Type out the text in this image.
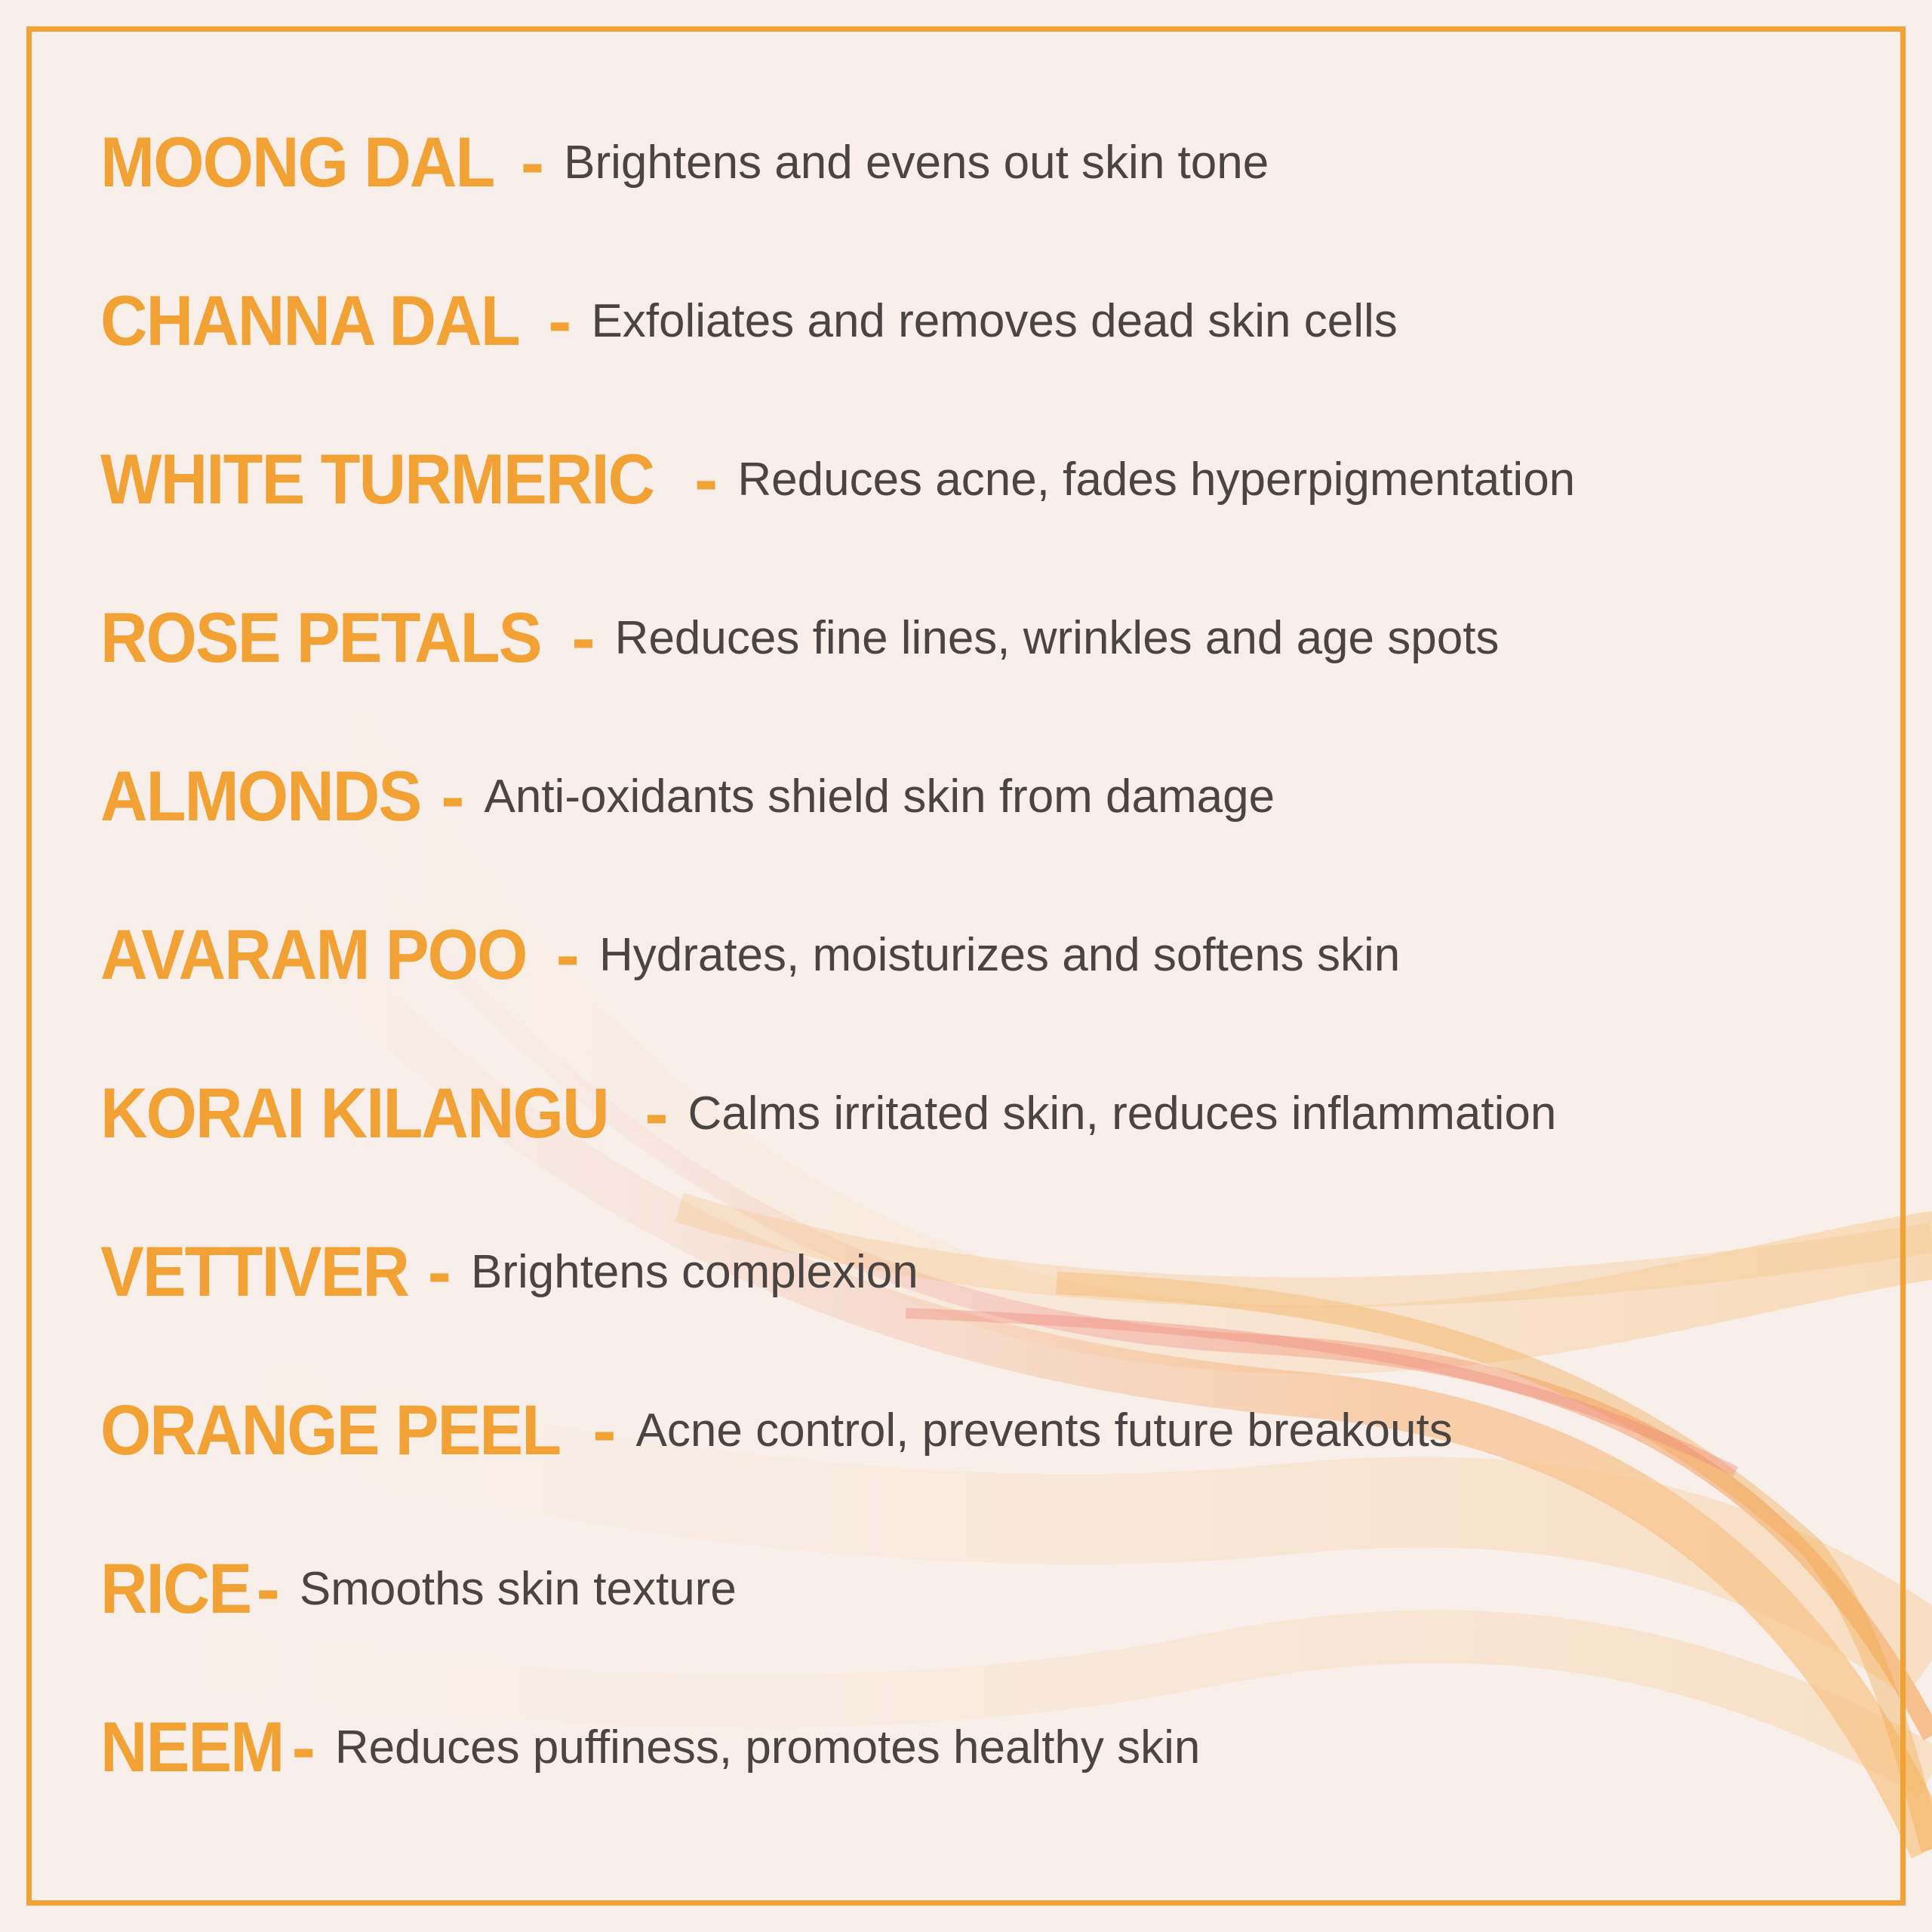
MOONG DAL - Brightens and evens out skin tone
CHANNA DAL - Exfoliates and removes dead skin cells
WHITE TURMERIC - Reduces acne, fades hyperpigmentation
ROSE PETALS - Reduces fine lines, wrinkles and age spots
ALMONDS - Anti-oxidants shield skin from damage
AVARAM POO - Hydrates, moisturizes and softens skin
KORAI KILANGU - Calms irritated skin, reduces inflammation
VETTIVER - Brightens complexion
ORANGE PEEL - Acne control, prevents future breakouts
RICE - Smooths skin texture
NEEM - Reduces puffiness, promotes healthy skin
